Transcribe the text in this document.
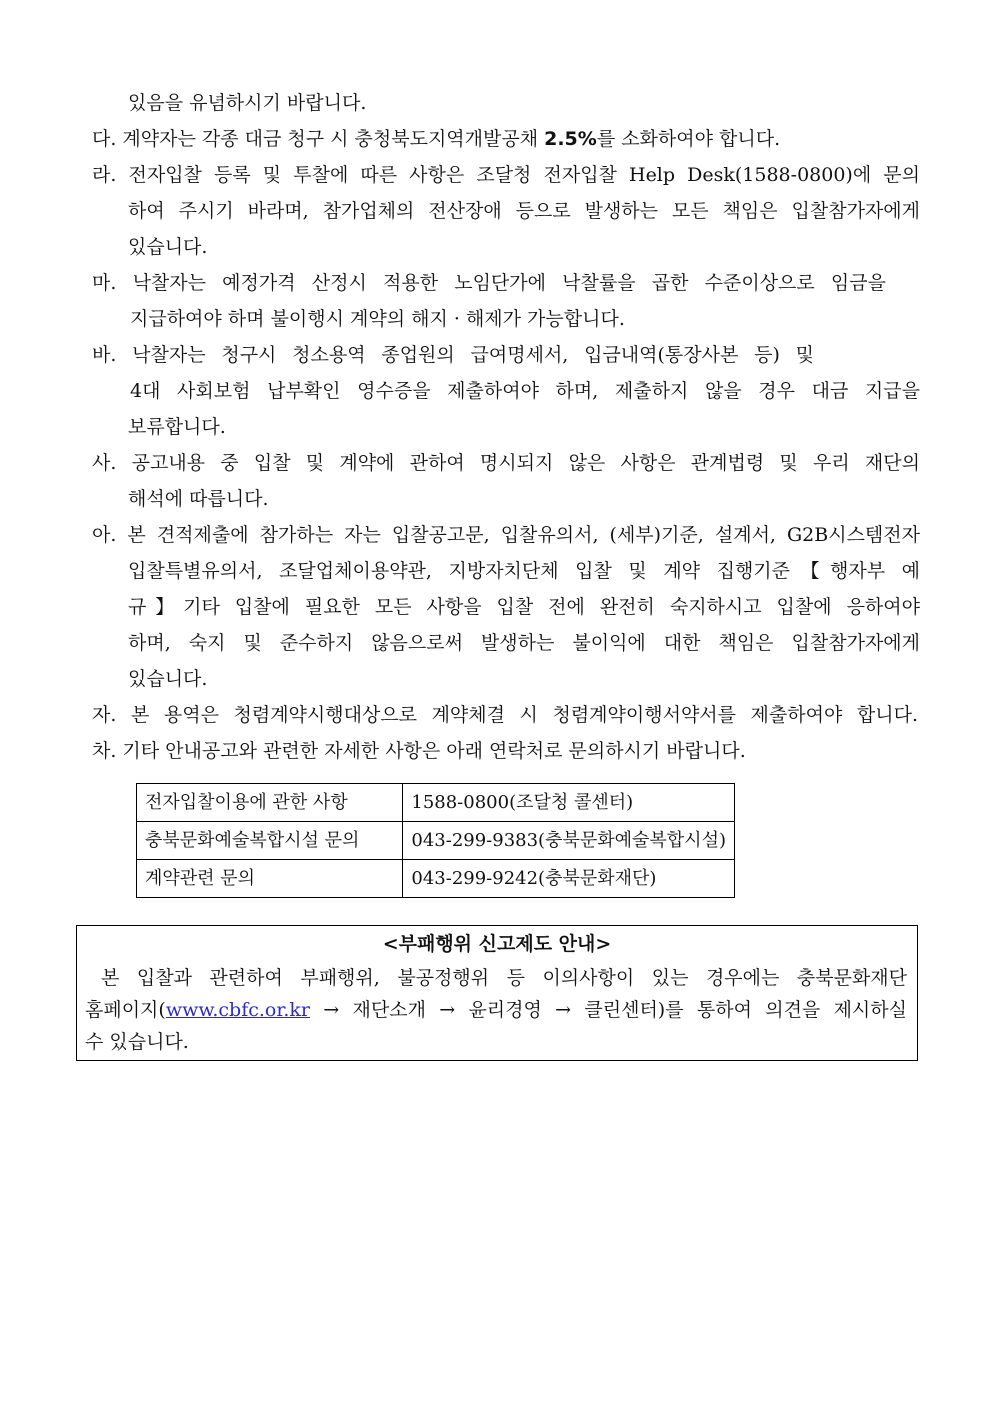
있음을 유념하시기 바랍니다.
다. 계약자는 각종 대금 청구 시 충청북도지역개발공채 2.5%를 소화하여야 합니다.
라. 전자입찰 등록 및 투찰에 따른 사항은 조달청 전자입찰 Help Desk(1588-0800)에 문의
하여 주시기 바라며, 참가업체의 전산장애 등으로 발생하는 모든 책임은 입찰참가자에게
있습니다.
마. 낙찰자는 예정가격 산정시 적용한 노임단가에 낙찰률을 곱한 수준이상으로 임금을
지급하여야 하며 불이행시 계약의 해지 · 해제가 가능합니다.
바. 낙찰자는 청구시 청소용역 종업원의 급여명세서, 입금내역(통장사본 등) 및
4대 사회보험 납부확인 영수증을 제출하여야 하며, 제출하지 않을 경우 대금 지급을
보류합니다.
사. 공고내용 중 입찰 및 계약에 관하여 명시되지 않은 사항은 관계법령 및 우리 재단의
해석에 따릅니다.
아. 본 견적제출에 참가하는 자는 입찰공고문, 입찰유의서, (세부)기준, 설계서, G2B시스템전자
입찰특별유의서, 조달업체이용약관, 지방자치단체 입찰 및 계약 집행기준【행자부 예
규】기타 입찰에 필요한 모든 사항을 입찰 전에 완전히 숙지하시고 입찰에 응하여야
하며, 숙지 및 준수하지 않음으로써 발생하는 불이익에 대한 책임은 입찰참가자에게
있습니다.
자. 본 용역은 청렴계약시행대상으로 계약체결 시 청렴계약이행서약서를 제출하여야 합니다.
차. 기타 안내공고와 관련한 자세한 사항은 아래 연락처로 문의하시기 바랍니다.
전자입찰이용에 관한 사항	1588-0800(조달청 콜센터)
충북문화예술복합시설 문의	043-299-9383(충북문화예술복합시설)
계약관련 문의	043-299-9242(충북문화재단)
<부패행위 신고제도 안내>
본 입찰과 관련하여 부패행위, 불공정행위 등 이의사항이 있는 경우에는 충북문화재단
홈페이지(www.cbfc.or.kr → 재단소개 → 윤리경영 → 클린센터)를 통하여 의견을 제시하실
수 있습니다.
